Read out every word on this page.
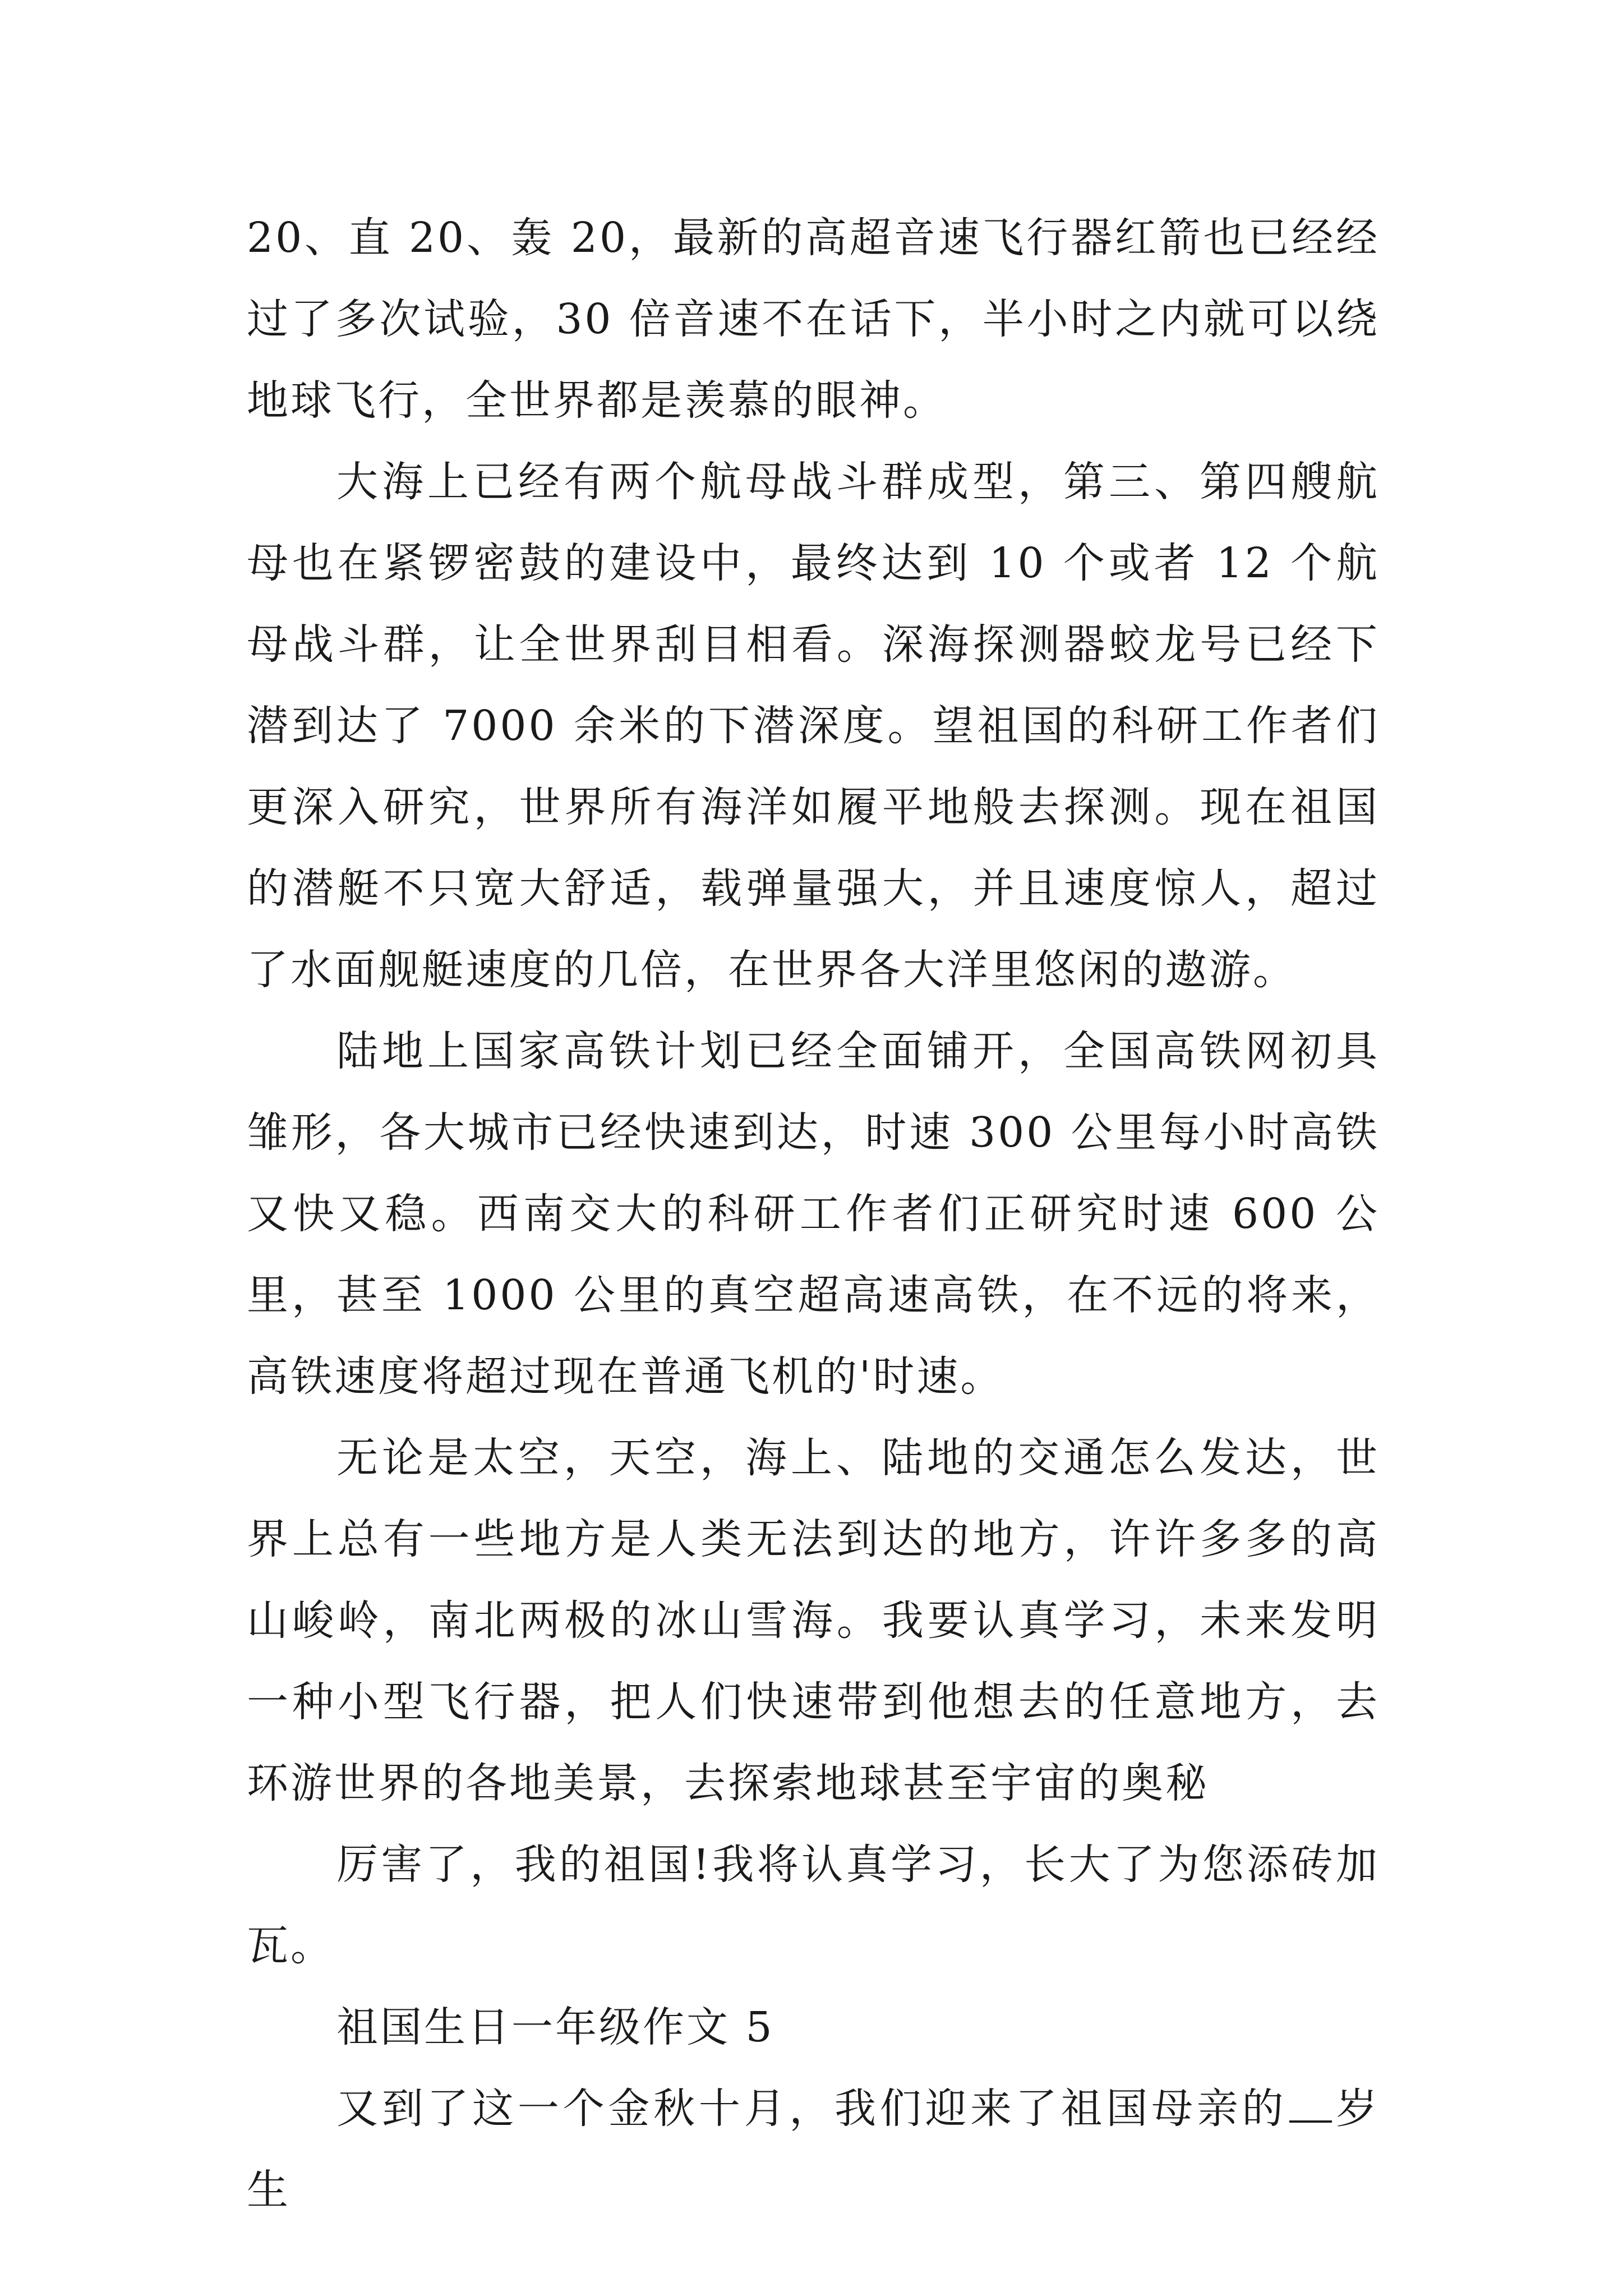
20、直 20、轰 20，最新的高超音速飞行器红箭也已经经过了多次试验，30 倍音速不在话下，半小时之内就可以绕地球飞行，全世界都是羡慕的眼神。

大海上已经有两个航母战斗群成型，第三、第四艘航母也在紧锣密鼓的建设中，最终达到 10 个或者 12 个航母战斗群，让全世界刮目相看。深海探测器蛟龙号已经下潜到达了 7000 余米的下潜深度。望祖国的科研工作者们更深入研究，世界所有海洋如履平地般去探测。现在祖国的潜艇不只宽大舒适，载弹量强大，并且速度惊人，超过了水面舰艇速度的几倍，在世界各大洋里悠闲的遨游。

陆地上国家高铁计划已经全面铺开，全国高铁网初具雏形，各大城市已经快速到达，时速 300 公里每小时高铁又快又稳。西南交大的科研工作者们正研究时速 600 公里，甚至 1000 公里的真空超高速高铁，在不远的将来，高铁速度将超过现在普通飞机的'时速。

无论是太空，天空，海上、陆地的交通怎么发达，世界上总有一些地方是人类无法到达的地方，许许多多的高山峻岭，南北两极的冰山雪海。我要认真学习，未来发明一种小型飞行器，把人们快速带到他想去的任意地方，去环游世界的各地美景，去探索地球甚至宇宙的奥秘

厉害了，我的祖国!我将认真学习，长大了为您添砖加瓦。

祖国生日一年级作文 5

又到了这一个金秋十月，我们迎来了祖国母亲的 岁生
